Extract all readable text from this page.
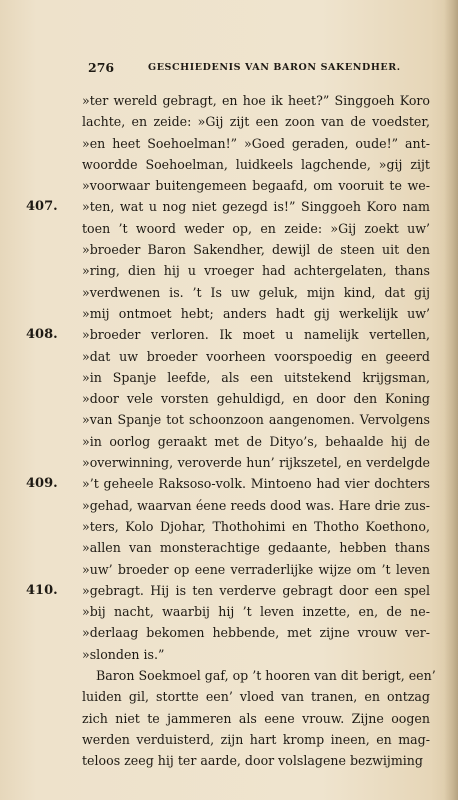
276	GESCHIEDENIS VAN BARON SAKENDHER.
»ter wereld gebragt, en hoe ik heet?” Singgoeh Koro
lachte, en zeide: »Gij zijt een zoon van de voedster,
»en heet Soehoelman!” »Goed geraden, oude!” ant-
woordde Soehoelman, luidkeels lagchende, »gij zijt
»voorwaar buitengemeen begaafd, om vooruit te we-
407. »ten, wat u nog niet gezegd is!” Singgoeh Koro nam
toen ’t woord weder op, en zeide: »Gij zoekt uw’
»broeder Baron Sakendher, dewijl de steen uit den
»ring, dien hij u vroeger had achtergelaten, thans
»verdwenen is. ’t Is uw geluk, mijn kind, dat gij
»mij ontmoet hebt; anders hadt gij werkelijk uw’
408. »broeder verloren. Ik moet u namelijk vertellen,
»dat uw broeder voorheen voorspoedig en geeerd
»in Spanje leefde, als een uitstekend krijgsman,
»door vele vorsten gehuldigd, en door den Koning
»van Spanje tot schoonzoon aangenomen. Vervolgens
»in oorlog geraakt met de Dityo’s, behaalde hij de
»overwinning, veroverde hun’ rijkszetel, en verdelgde
409. »’t geheele Raksoso-volk. Mintoeno had vier dochters
»gehad, waarvan éene reeds dood was. Hare drie zus-
»ters, Kolo Djohar, Thothohimi en Thotho Koethono,
»allen van monsterachtige gedaante, hebben thans
»uw’ broeder op eene verraderlijke wijze om ’t leven
410. »gebragt. Hij is ten verderve gebragt door een spel
»bij nacht, waarbij hij ’t leven inzette, en, de ne-
»derlaag bekomen hebbende, met zijne vrouw ver-
»slonden is.”
Baron Soekmoel gaf, op ’t hooren van dit berigt, een’
luiden gil, stortte een’ vloed van tranen, en ontzag
zich niet te jammeren als eene vrouw. Zijne oogen
werden verduisterd, zijn hart kromp ineen, en mag-
teloos zeeg hij ter aarde, door volslagene bezwijming
